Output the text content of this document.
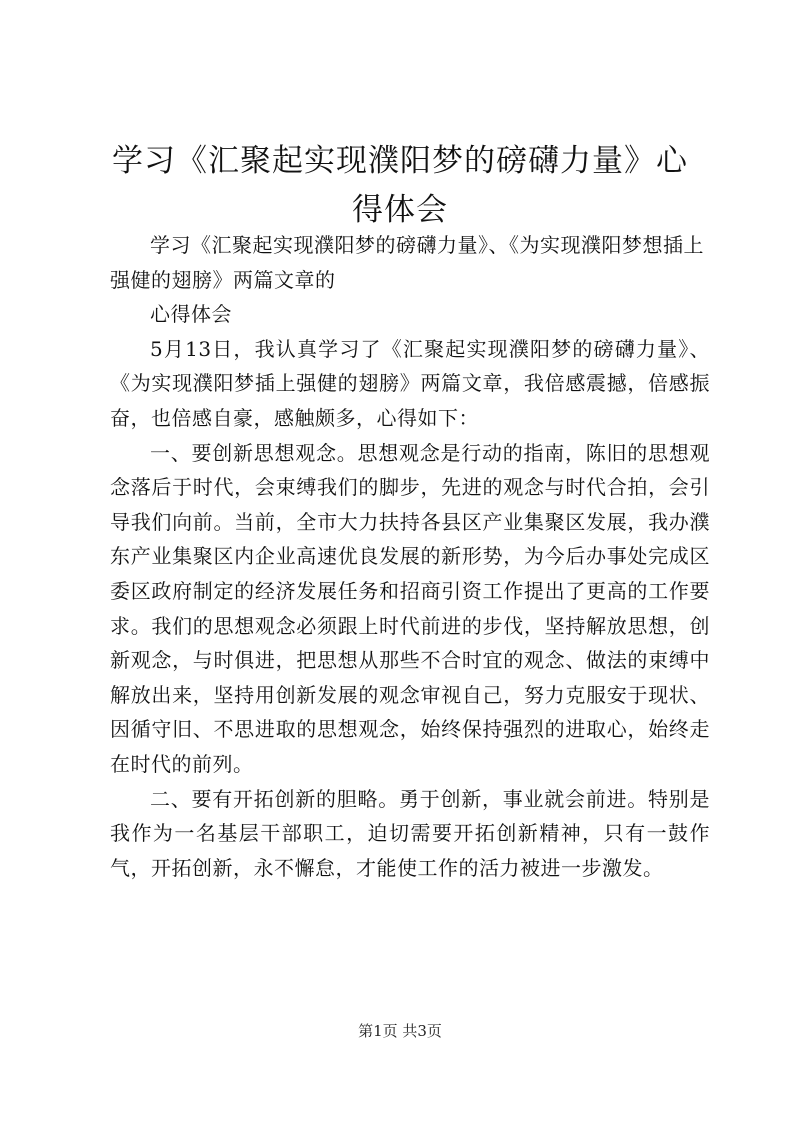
学习《汇聚起实现濮阳梦的磅礴力量》心得体会

学习《汇聚起实现濮阳梦的磅礴力量》、《为实现濮阳梦想插上强健的翅膀》两篇文章的

心得体会

5月13日，我认真学习了《汇聚起实现濮阳梦的磅礴力量》、《为实现濮阳梦插上强健的翅膀》两篇文章，我倍感震撼，倍感振奋，也倍感自豪，感触颇多，心得如下：

一、要创新思想观念。思想观念是行动的指南，陈旧的思想观念落后于时代，会束缚我们的脚步，先进的观念与时代合拍，会引导我们向前。当前，全市大力扶持各县区产业集聚区发展，我办濮东产业集聚区内企业高速优良发展的新形势，为今后办事处完成区委区政府制定的经济发展任务和招商引资工作提出了更高的工作要求。我们的思想观念必须跟上时代前进的步伐，坚持解放思想，创新观念，与时俱进，把思想从那些不合时宜的观念、做法的束缚中解放出来，坚持用创新发展的观念审视自己，努力克服安于现状、因循守旧、不思进取的思想观念，始终保持强烈的进取心，始终走在时代的前列。

二、要有开拓创新的胆略。勇于创新，事业就会前进。特别是我作为一名基层干部职工，迫切需要开拓创新精神，只有一鼓作气，开拓创新，永不懈怠，才能使工作的活力被进一步激发。

第1页 共3页
